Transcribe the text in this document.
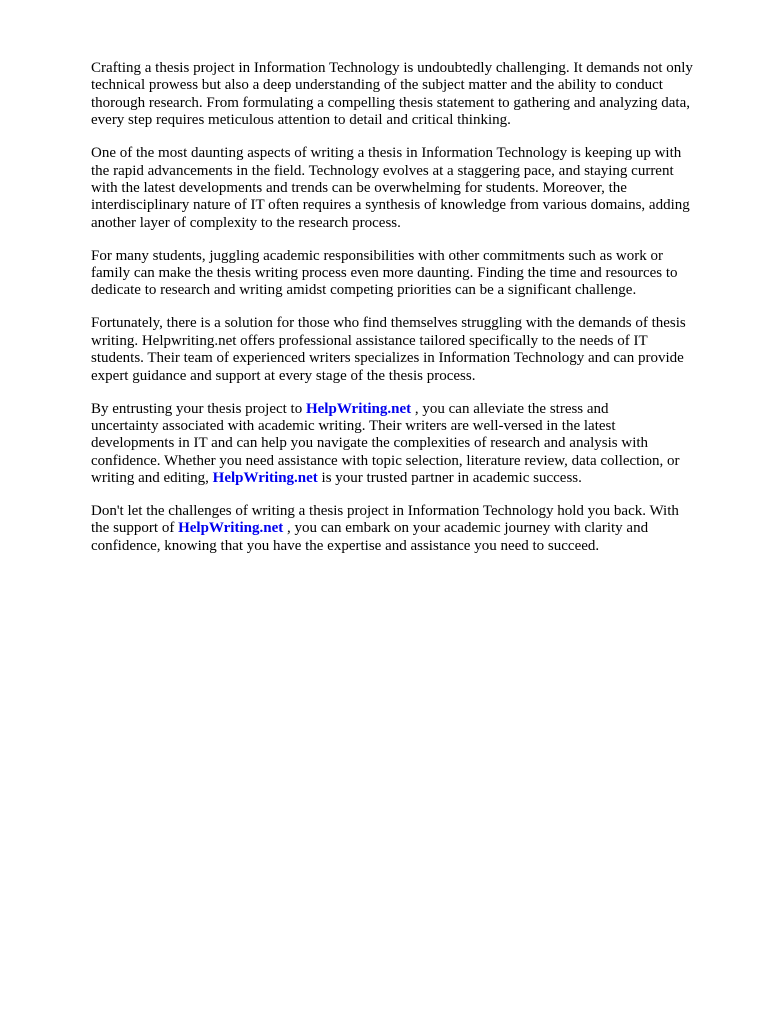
Crafting a thesis project in Information Technology is undoubtedly challenging. It demands not only
technical prowess but also a deep understanding of the subject matter and the ability to conduct
thorough research. From formulating a compelling thesis statement to gathering and analyzing data,
every step requires meticulous attention to detail and critical thinking.

One of the most daunting aspects of writing a thesis in Information Technology is keeping up with
the rapid advancements in the field. Technology evolves at a staggering pace, and staying current
with the latest developments and trends can be overwhelming for students. Moreover, the
interdisciplinary nature of IT often requires a synthesis of knowledge from various domains, adding
another layer of complexity to the research process.

For many students, juggling academic responsibilities with other commitments such as work or
family can make the thesis writing process even more daunting. Finding the time and resources to
dedicate to research and writing amidst competing priorities can be a significant challenge.

Fortunately, there is a solution for those who find themselves struggling with the demands of thesis
writing. Helpwriting.net offers professional assistance tailored specifically to the needs of IT
students. Their team of experienced writers specializes in Information Technology and can provide
expert guidance and support at every stage of the thesis process.

By entrusting your thesis project to HelpWriting.net , you can alleviate the stress and
uncertainty associated with academic writing. Their writers are well-versed in the latest
developments in IT and can help you navigate the complexities of research and analysis with
confidence. Whether you need assistance with topic selection, literature review, data collection, or
writing and editing, HelpWriting.net is your trusted partner in academic success.

Don't let the challenges of writing a thesis project in Information Technology hold you back. With
the support of HelpWriting.net , you can embark on your academic journey with clarity and
confidence, knowing that you have the expertise and assistance you need to succeed.
